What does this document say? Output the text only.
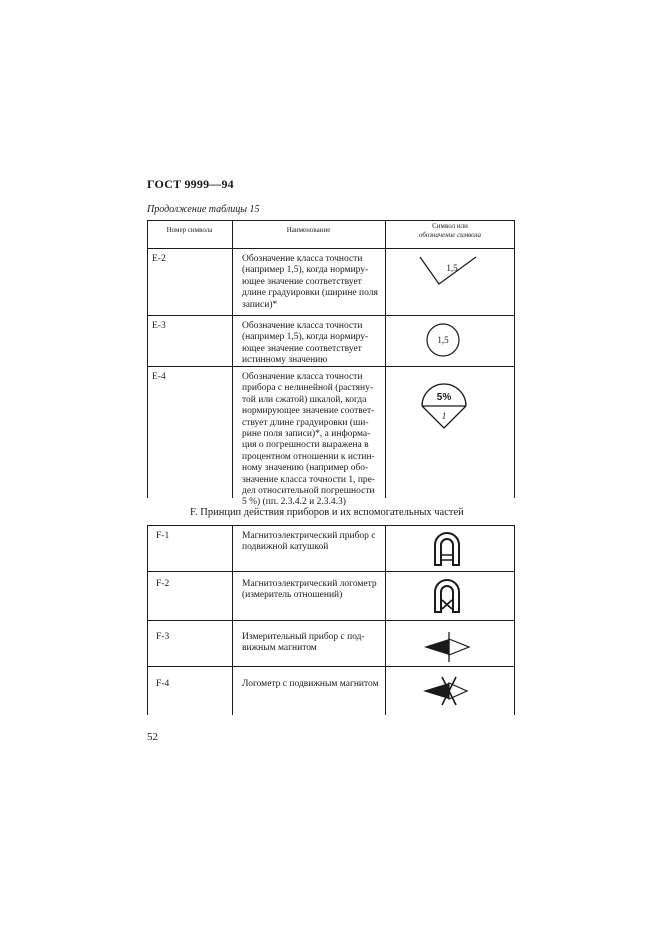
ГОСТ 9999—94
Продолжение таблицы 15
Номер символа	Наименование	Символ или
обозначение символа
E-2	Обозначение класса точности
(например 1,5), когда нормиру-
ющее значение соответствует
длине градуировки (ширине поля
записи)*
1,5
E-3	Обозначение класса точности
(например 1,5), когда нормиру-
ющее значение соответствует
истинному значению
1,5
E-4	Обозначение класса точности
прибора с нелинейной (растяну-
той или сжатой) шкалой, когда
нормирующее значение соответ-
ствует длине градуировки (ши-
рине поля записи)*, а информа-
ция о погрешности выражена в
процентном отношении к истин-
ному значению (например обо-
значение класса точности 1, пре-
дел относительной погрешности
5 %) (пп. 2.3.4.2 и 2.3.4.3)
5%
1
F. Принцип действия приборов и их вспомогательных частей
F-1	Магнитоэлектрический прибор с
подвижной катушкой
F-2	Магнитоэлектрический логометр
(измеритель отношений)
F-3	Измерительный прибор с под-
вижным магнитом
F-4	Логометр с подвижным магнитом
52
